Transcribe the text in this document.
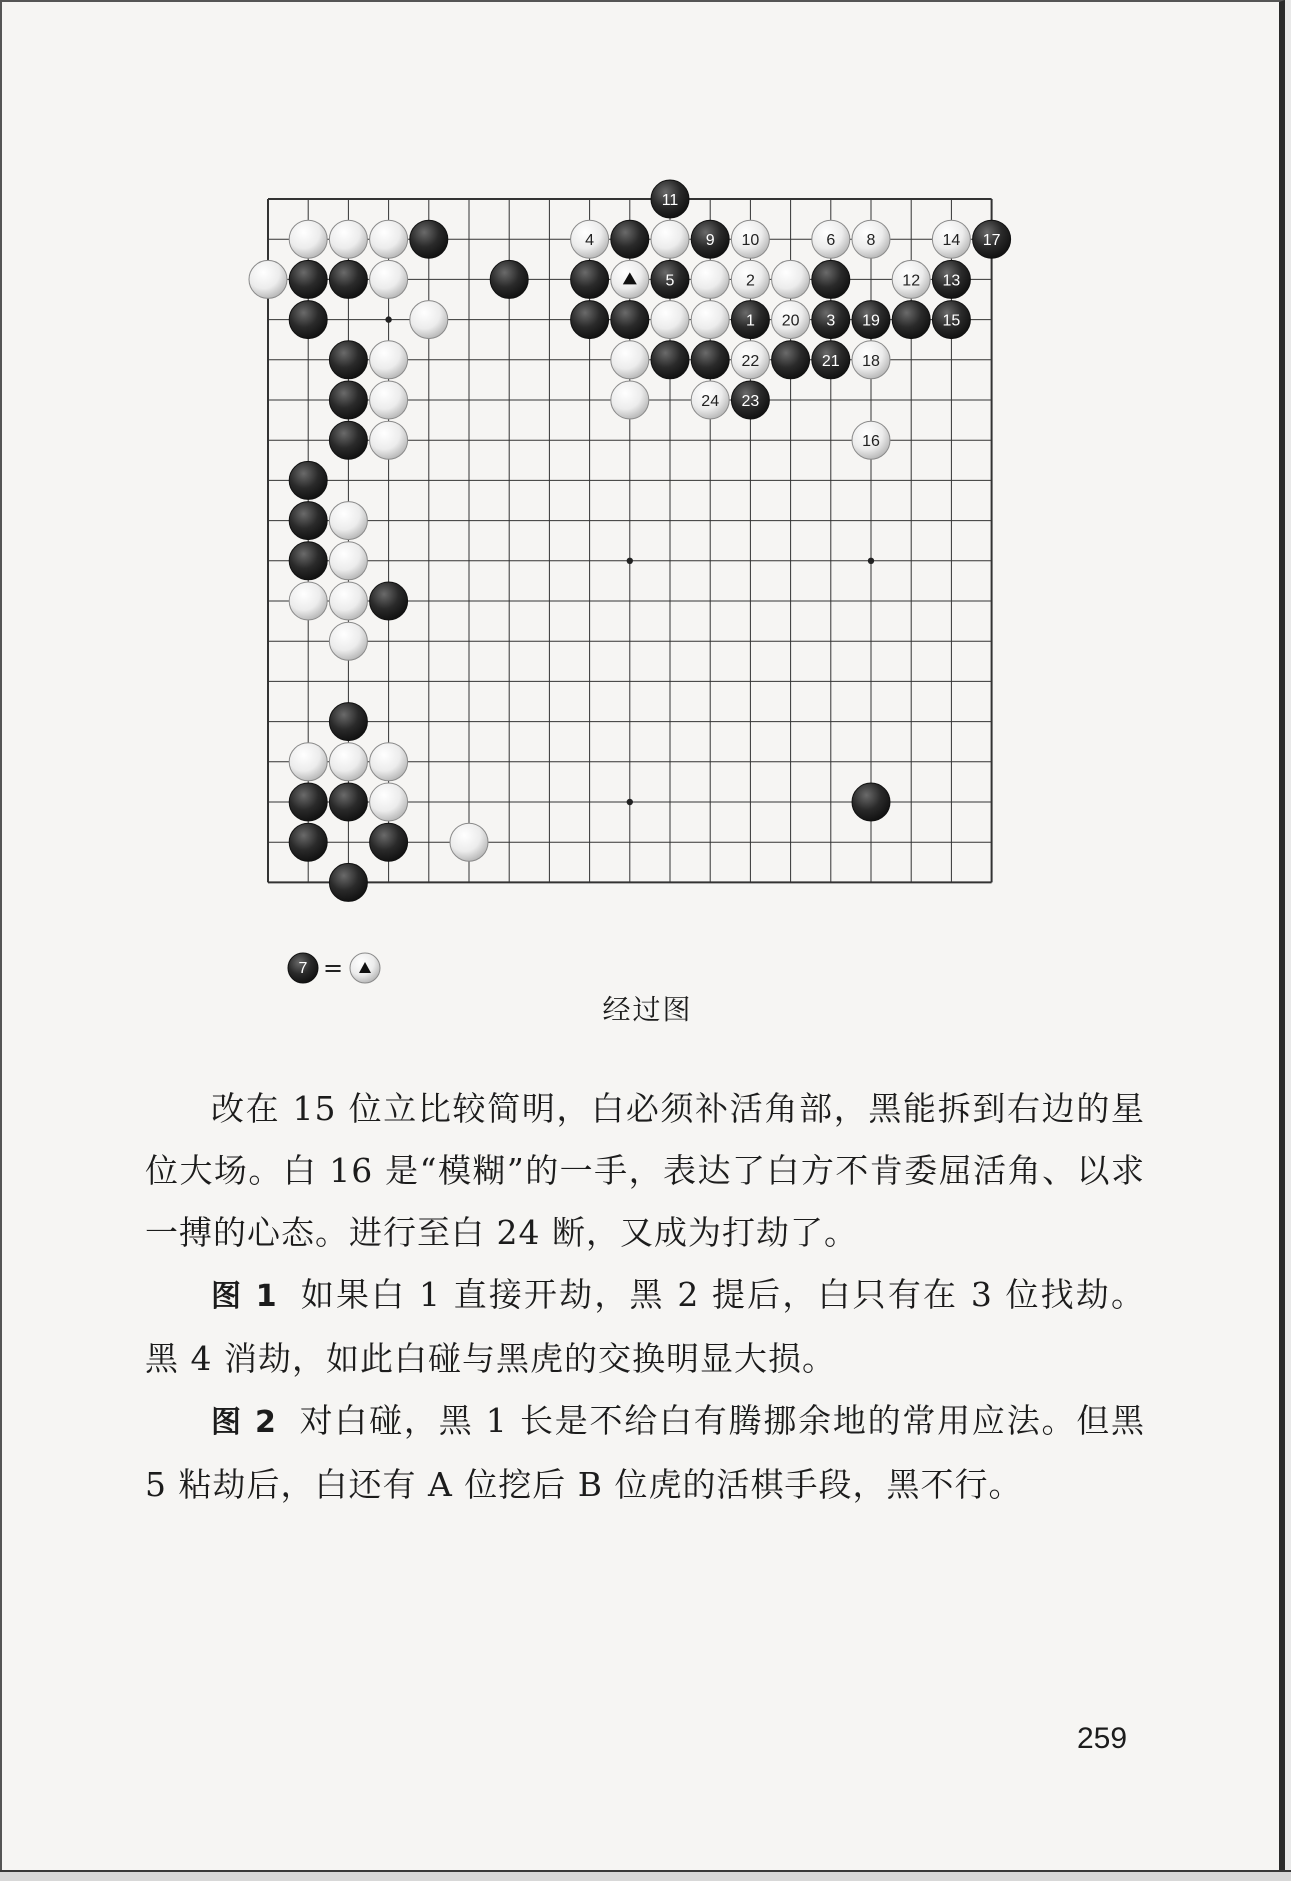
1
2
3
4
5
6 8
9 10
11
12 13
14
15
16
17
18
19
20
21
22
23
24
7 =
经过图

改在 15 位立比较简明，白必须补活角部，黑能拆到右边的星位大场。白 16 是“模糊”的一手，表达了白方不肯委屈活角、以求一搏的心态。进行至白 24 断，又成为打劫了。

图 1 如果白 1 直接开劫，黑 2 提后，白只有在 3 位找劫。黑 4 消劫，如此白碰与黑虎的交换明显大损。

图 2 对白碰，黑 1 长是不给白有腾挪余地的常用应法。但黑 5 粘劫后，白还有 A 位挖后 B 位虎的活棋手段，黑不行。

259
